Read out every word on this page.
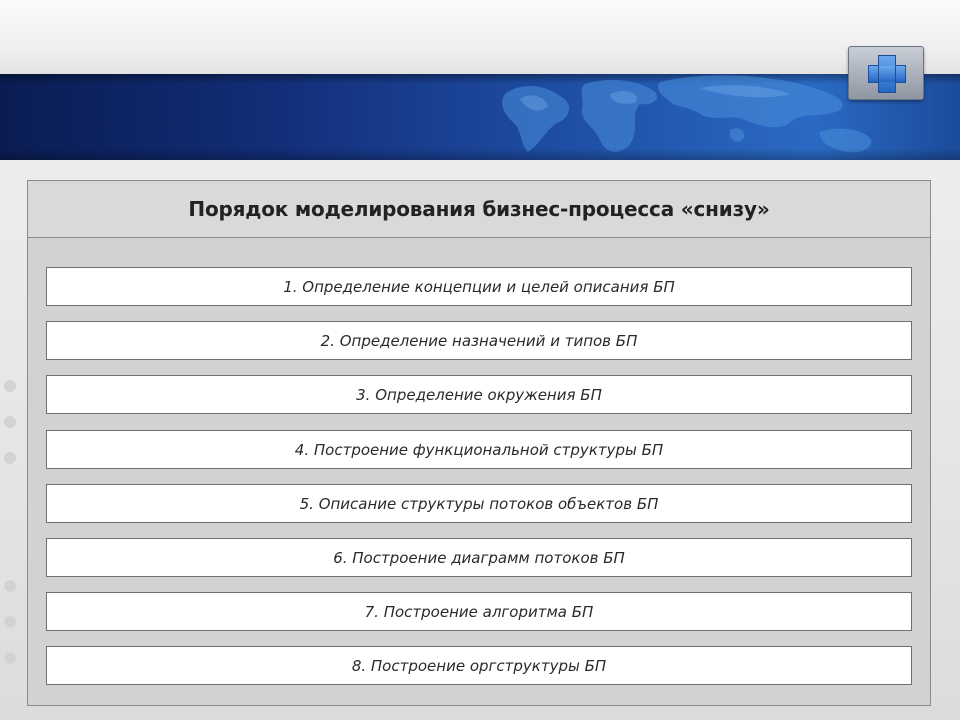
Порядок моделирования бизнес-процесса «снизу»
1. Определение концепции и целей описания БП
2. Определение назначений и типов БП
3. Определение окружения БП
4. Построение функциональной структуры БП
5. Описание структуры потоков объектов БП
6. Построение диаграмм потоков БП
7. Построение алгоритма БП
8. Построение оргструктуры БП
